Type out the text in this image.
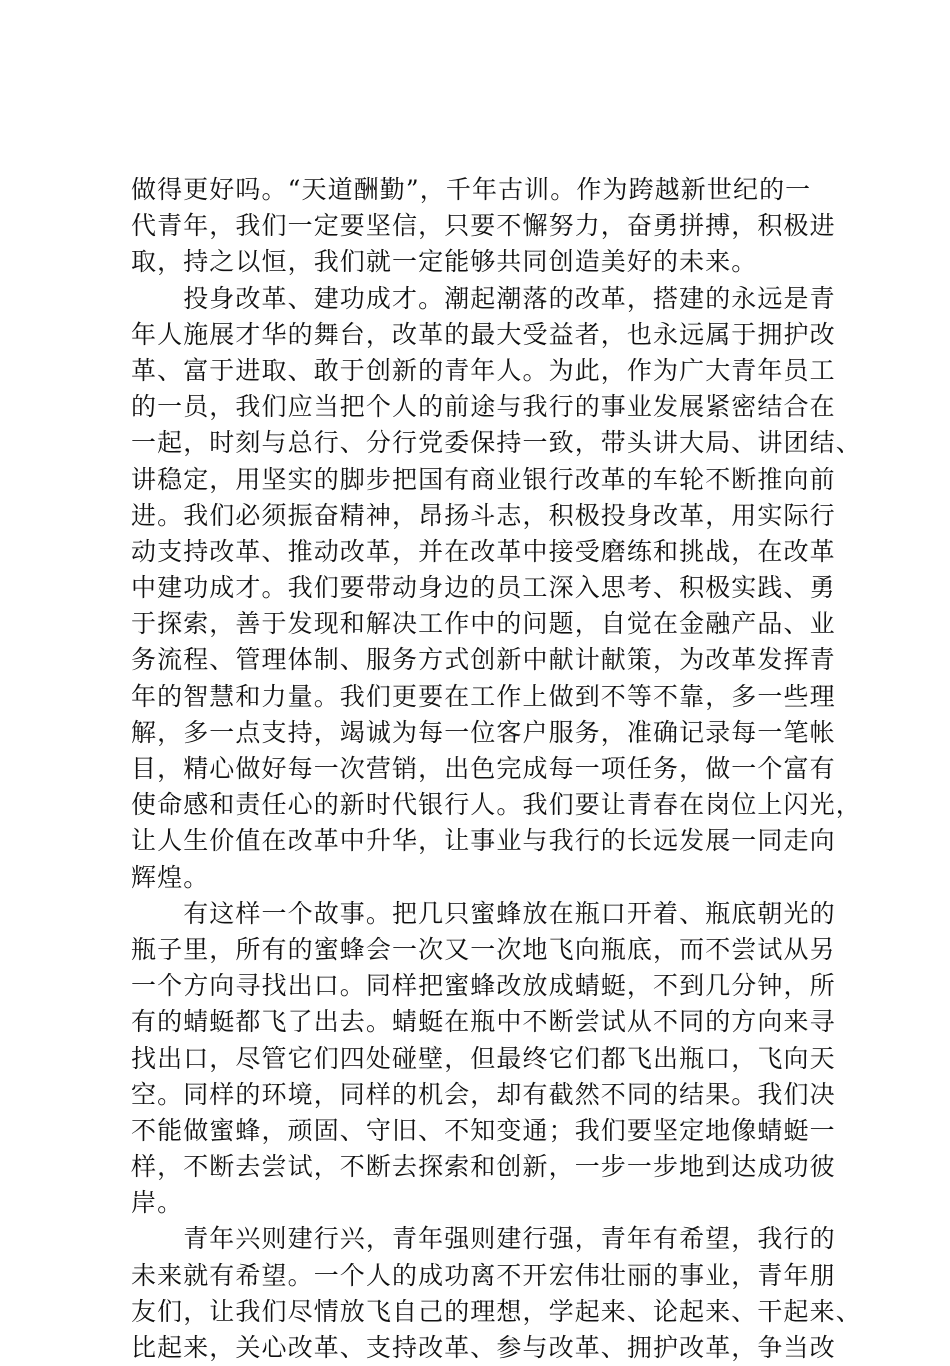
做得更好吗。“天道酬勤”，千年古训。作为跨越新世纪的一
代青年，我们一定要坚信，只要不懈努力，奋勇拼搏，积极进
取，持之以恒，我们就一定能够共同创造美好的未来。
　　投身改革、建功成才。潮起潮落的改革，搭建的永远是青
年人施展才华的舞台，改革的最大受益者，也永远属于拥护改
革、富于进取、敢于创新的青年人。为此，作为广大青年员工
的一员，我们应当把个人的前途与我行的事业发展紧密结合在
一起，时刻与总行、分行党委保持一致，带头讲大局、讲团结、
讲稳定，用坚实的脚步把国有商业银行改革的车轮不断推向前
进。我们必须振奋精神，昂扬斗志，积极投身改革，用实际行
动支持改革、推动改革，并在改革中接受磨练和挑战，在改革
中建功成才。我们要带动身边的员工深入思考、积极实践、勇
于探索，善于发现和解决工作中的问题，自觉在金融产品、业
务流程、管理体制、服务方式创新中献计献策，为改革发挥青
年的智慧和力量。我们更要在工作上做到不等不靠，多一些理
解，多一点支持，竭诚为每一位客户服务，准确记录每一笔帐
目，精心做好每一次营销，出色完成每一项任务，做一个富有
使命感和责任心的新时代银行人。我们要让青春在岗位上闪光，
让人生价值在改革中升华，让事业与我行的长远发展一同走向
辉煌。
　　有这样一个故事。把几只蜜蜂放在瓶口开着、瓶底朝光的
瓶子里，所有的蜜蜂会一次又一次地飞向瓶底，而不尝试从另
一个方向寻找出口。同样把蜜蜂改放成蜻蜓，不到几分钟，所
有的蜻蜓都飞了出去。蜻蜓在瓶中不断尝试从不同的方向来寻
找出口，尽管它们四处碰壁，但最终它们都飞出瓶口，飞向天
空。同样的环境，同样的机会，却有截然不同的结果。我们决
不能做蜜蜂，顽固、守旧、不知变通；我们要坚定地像蜻蜓一
样，不断去尝试，不断去探索和创新，一步一步地到达成功彼
岸。
　　青年兴则建行兴，青年强则建行强，青年有希望，我行的
未来就有希望。一个人的成功离不开宏伟壮丽的事业，青年朋
友们，让我们尽情放飞自己的理想，学起来、论起来、干起来、
比起来，关心改革、支持改革、参与改革、拥护改革，争当改
